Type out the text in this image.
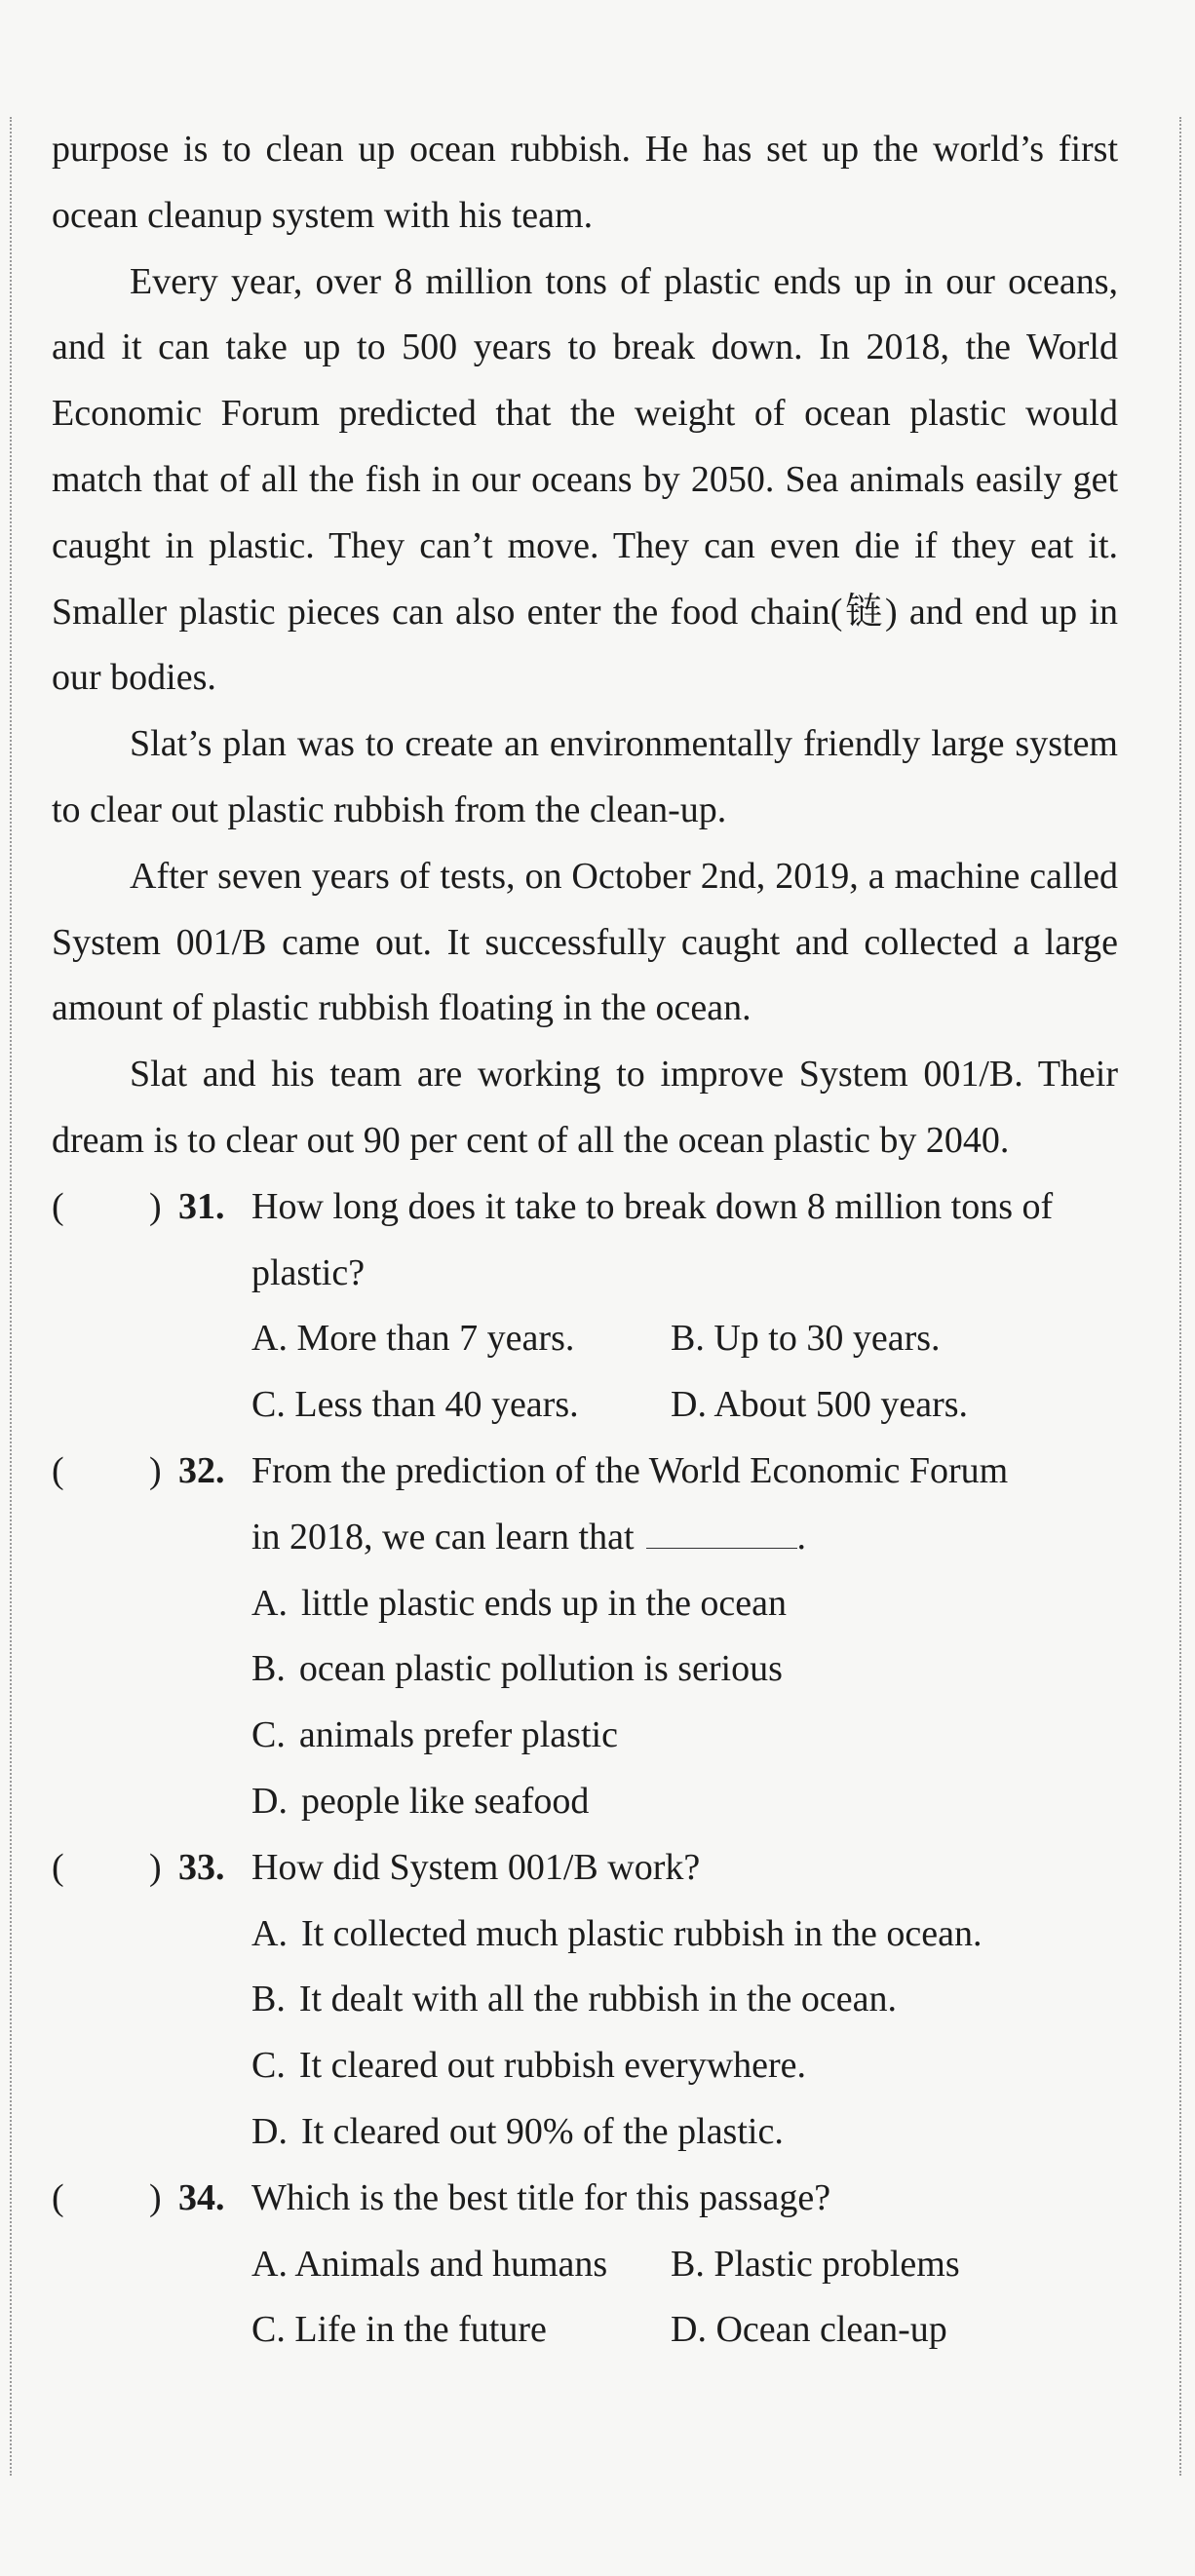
purpose is to clean up ocean rubbish. He has set up the world’s first ocean cleanup system with his team.

Every year, over 8 million tons of plastic ends up in our oceans, and it can take up to 500 years to break down. In 2018, the World Economic Forum predicted that the weight of ocean plastic would match that of all the fish in our oceans by 2050. Sea animals easily get caught in plastic. They can’t move. They can even die if they eat it. Smaller plastic pieces can also enter the food chain(链) and end up in our bodies.

Slat’s plan was to create an environmentally friendly large system to clear out plastic rubbish from the clean-up.

After seven years of tests, on October 2nd, 2019, a machine called System 001/B came out. It successfully caught and collected a large amount of plastic rubbish floating in the ocean.

Slat and his team are working to improve System 001/B. Their dream is to clear out 90 per cent of all the ocean plastic by 2040.

( ) 31. How long does it take to break down 8 million tons of plastic?
A. More than 7 years.	B. Up to 30 years.
C. Less than 40 years.	D. About 500 years.
( ) 32. From the prediction of the World Economic Forum
in 2018, we can learn that	.
A. little plastic ends up in the ocean
B. ocean plastic pollution is serious
C. animals prefer plastic
D. people like seafood
( ) 33. How did System 001/B work?
A. It collected much plastic rubbish in the ocean.
B. It dealt with all the rubbish in the ocean.
C. It cleared out rubbish everywhere.
D. It cleared out 90% of the plastic.
( ) 34. Which is the best title for this passage?
A. Animals and humans	B. Plastic problems
C. Life in the future	D. Ocean clean-up
